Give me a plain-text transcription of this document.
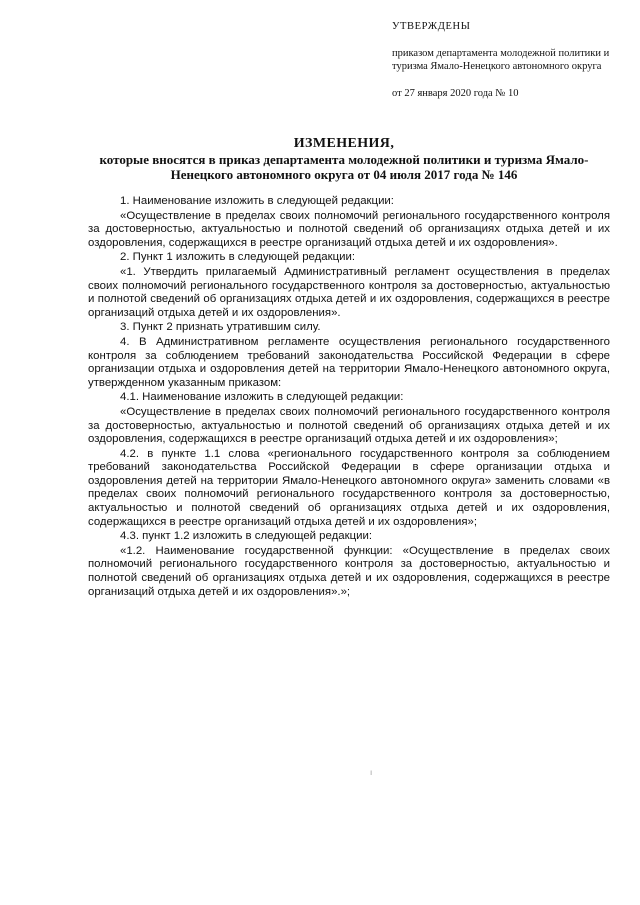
УТВЕРЖДЕНЫ
приказом департамента молодежной политики и туризма Ямало-Ненецкого автономного округа
от 27 января 2020 года № 10
ИЗМЕНЕНИЯ,
которые вносятся в приказ департамента молодежной политики и туризма Ямало-Ненецкого автономного округа от 04 июля 2017 года № 146

1. Наименование изложить в следующей редакции:

«Осуществление в пределах своих полномочий регионального государственного контроля за достоверностью, актуальностью и полнотой сведений об организациях отдыха детей и их оздоровления, содержащихся в реестре организаций отдыха детей и их оздоровления».

2. Пункт 1 изложить в следующей редакции:

«1. Утвердить прилагаемый Административный регламент осуществления в пределах своих полномочий регионального государственного контроля за достоверностью, актуальностью и полнотой сведений об организациях отдыха детей и их оздоровления, содержащихся в реестре организаций отдыха детей и их оздоровления».

3. Пункт 2 признать утратившим силу.

4. В Административном регламенте осуществления регионального государственного контроля за соблюдением требований законодательства Российской Федерации в сфере организации отдыха и оздоровления детей на территории Ямало-Ненецкого автономного округа, утвержденном указанным приказом:

4.1. Наименование изложить в следующей редакции:

«Осуществление в пределах своих полномочий регионального государственного контроля за достоверностью, актуальностью и полнотой сведений об организациях отдыха детей и их оздоровления, содержащихся в реестре организаций отдыха детей и их оздоровления»;

4.2. в пункте 1.1 слова «регионального государственного контроля за соблюдением требований законодательства Российской Федерации в сфере организации отдыха и оздоровления детей на территории Ямало-Ненецкого автономного округа» заменить словами «в пределах своих полномочий регионального государственного контроля за достоверностью, актуальностью и полнотой сведений об организациях отдыха детей и их оздоровления, содержащихся в реестре организаций отдыха детей и их оздоровления»;

4.3. пункт 1.2 изложить в следующей редакции:

«1.2. Наименование государственной функции: «Осуществление в пределах своих полномочий регионального государственного контроля за достоверностью, актуальностью и полнотой сведений об организациях отдыха детей и их оздоровления, содержащихся в реестре организаций отдыха детей и их оздоровления».»;

ı
